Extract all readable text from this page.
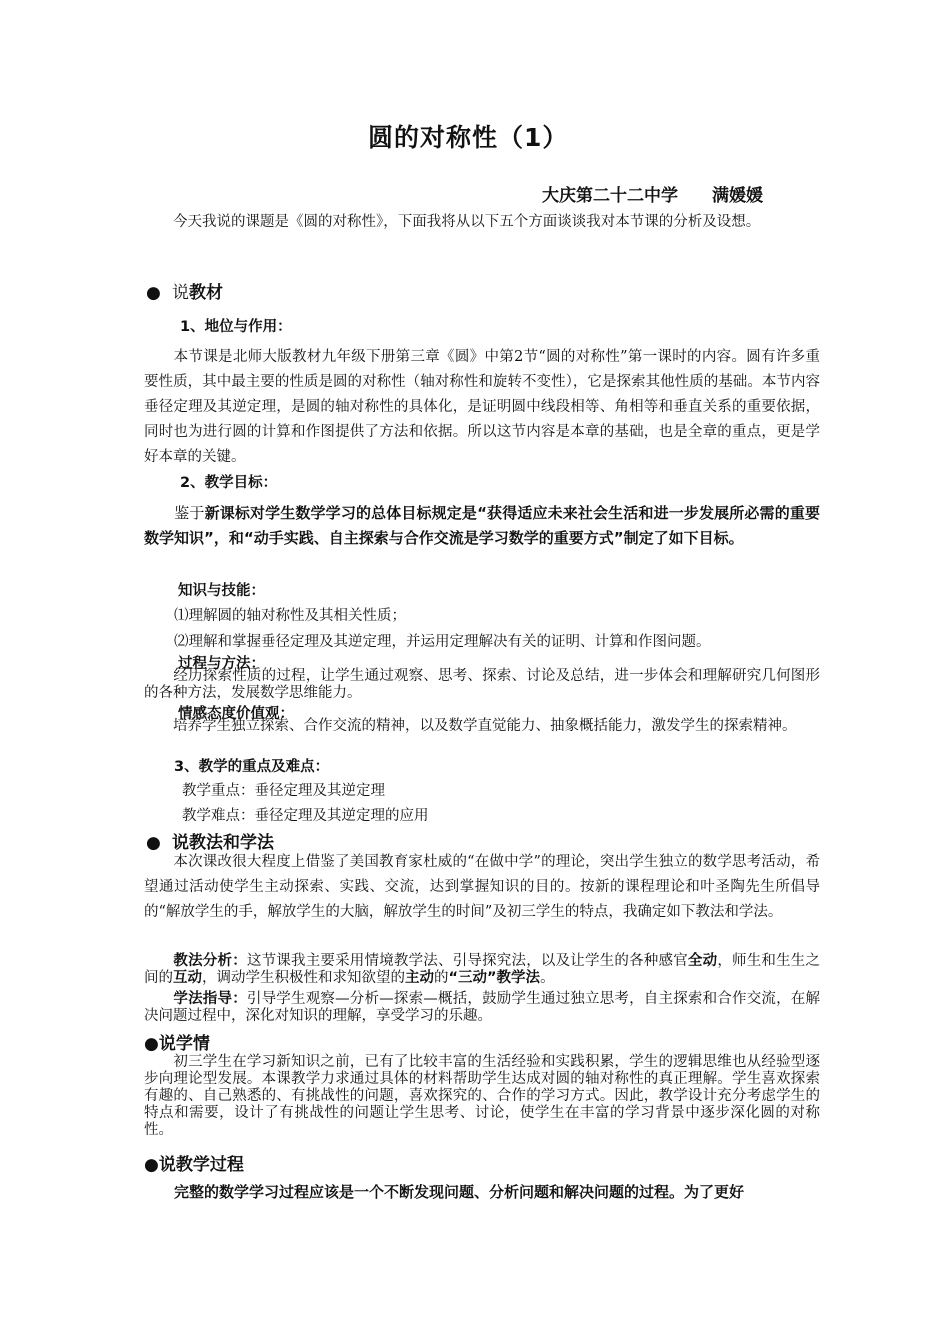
圆的对称性（1）
大庆第二十二中学　　满媛媛
　　今天我说的课题是《圆的对称性》，下面我将从以下五个方面谈谈我对本节课的分析及设想。
● 说教材
1、地位与作用：
　　本节课是北师大版教材九年级下册第三章《圆》中第2节“圆的对称性”第一课时的内容。圆有许多重要性质，其中最主要的性质是圆的对称性（轴对称性和旋转不变性），它是探索其他性质的基础。本节内容垂径定理及其逆定理，是圆的轴对称性的具体化，是证明圆中线段相等、角相等和垂直关系的重要依据，同时也为进行圆的计算和作图提供了方法和依据。所以这节内容是本章的基础，也是全章的重点，更是学好本章的关键。
2、教学目标：
　　鉴于新课标对学生数学学习的总体目标规定是“获得适应未来社会生活和进一步发展所必需的重要数学知识”，和“动手实践、自主探索与合作交流是学习数学的重要方式”制定了如下目标。
知识与技能：
⑴理解圆的轴对称性及其相关性质；
⑵理解和掌握垂径定理及其逆定理，并运用定理解决有关的证明、计算和作图问题。
过程与方法：
　　经历探索性质的过程，让学生通过观察、思考、探索、讨论及总结，进一步体会和理解研究几何图形的各种方法，发展数学思维能力。
情感态度价值观：
　　培养学生独立探索、合作交流的精神，以及数学直觉能力、抽象概括能力，激发学生的探索精神。
3、教学的重点及难点：
教学重点：垂径定理及其逆定理
教学难点：垂径定理及其逆定理的应用
● 说教法和学法
　　本次课改很大程度上借鉴了美国教育家杜威的“在做中学”的理论，突出学生独立的数学思考活动，希望通过活动使学生主动探索、实践、交流，达到掌握知识的目的。按新的课程理论和叶圣陶先生所倡导的“解放学生的手，解放学生的大脑，解放学生的时间”及初三学生的特点，我确定如下教法和学法。
　　教法分析：这节课我主要采用情境教学法、引导探究法，以及让学生的各种感官全动，师生和生生之间的互动，调动学生积极性和求知欲望的主动的“三动”教学法。
　　学法指导：引导学生观察—分析—探索—概括，鼓励学生通过独立思考，自主探索和合作交流，在解决问题过程中，深化对知识的理解，享受学习的乐趣。
●说学情
　　初三学生在学习新知识之前，已有了比较丰富的生活经验和实践积累，学生的逻辑思维也从经验型逐步向理论型发展。本课教学力求通过具体的材料帮助学生达成对圆的轴对称性的真正理解。学生喜欢探索有趣的、自己熟悉的、有挑战性的问题，喜欢探究的、合作的学习方式。因此，教学设计充分考虑学生的特点和需要，设计了有挑战性的问题让学生思考、讨论，使学生在丰富的学习背景中逐步深化圆的对称性。
●说教学过程
　　完整的数学学习过程应该是一个不断发现问题、分析问题和解决问题的过程。为了更好
